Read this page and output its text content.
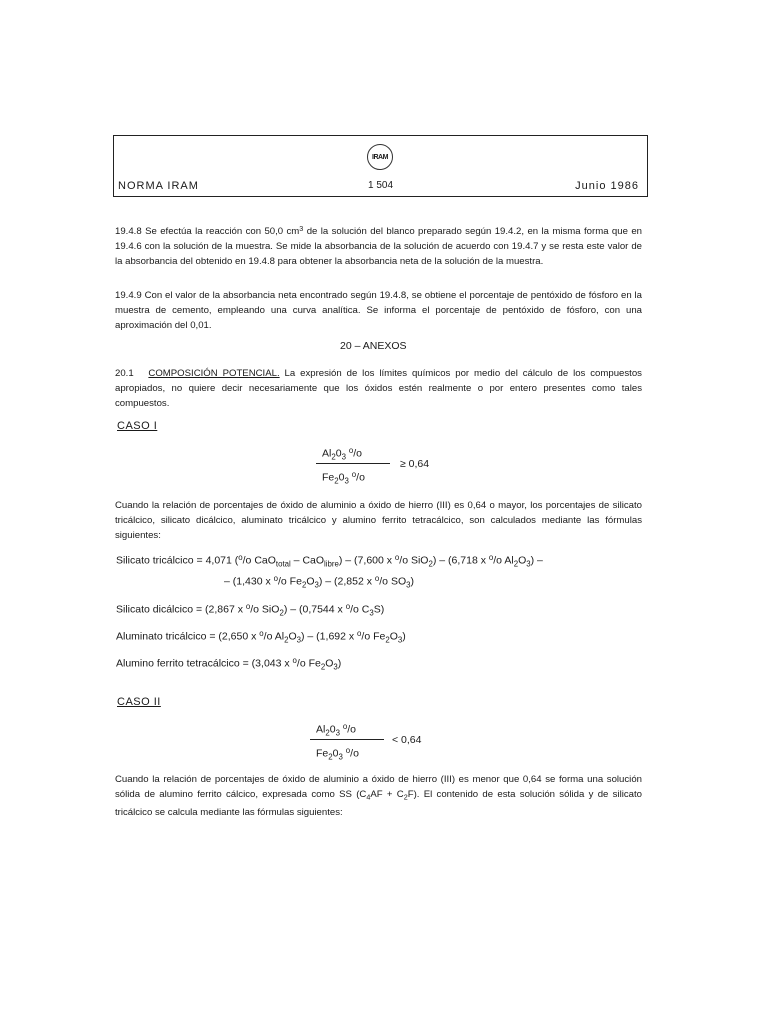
IRAM
NORMA IRAM	1 504	Junio 1986

19.4.8 Se efectúa la reacción con 50,0 $cm^3$ de la solución del blanco preparado según 19.4.2, en la misma forma que en 19.4.6 con la solución de la muestra. Se mide la absorbancia de la solución de acuerdo con 19.4.7 y se resta este valor de la absorbancia del obtenido en 19.4.8 para obtener la absorbancia neta de la solución de la muestra.

19.4.9 Con el valor de la absorbancia neta encontrado según 19.4.8, se obtiene el porcentaje de pentóxido de fósforo en la muestra de cemento, empleando una curva analítica. Se informa el porcentaje de pentóxido de fósforo, con una aproximación del 0,01.

20 – ANEXOS

20.1 COMPOSICIÓN POTENCIAL. La expresión de los límites químicos por medio del cálculo de los compuestos apropiados, no quiere decir necesariamente que los óxidos estén realmente o por entero presentes como tales compuestos.

CASO I
$Al_20_3$ $^o$/o
$Fe_20_3$ $^o$/o
≥ 0,64

Cuando la relación de porcentajes de óxido de aluminio a óxido de hierro (III) es 0,64 o mayor, los porcentajes de silicato tricálcico, silicato dicálcico, aluminato tricálcico y alumino ferrito tetracálcico, son calculados mediante las fórmulas siguientes:

Silicato tricálcico = 4,071 ($^o$/o CaO$_{total}$ – CaO$_{libre}$) – (7,600 x $^o$/o SiO$_2$) – (6,718 x $^o$/o $Al_2O_3$) –
– (1,430 x $^o$/o $Fe_2O_3) - (2,852$ x $^o$/o $SO_3$)
Silicato dicálcico = (2,867 x $^o$/o SiO$_2$) – (0,7544 x $^o$/o $C_3S$)
Aluminato tricálcico = (2,650 x $^o$/o $Al_2O_3) - (1,692$ x $^o$/o $Fe_2O_3$)
Alumino ferrito tetracálcico = (3,043 x $^o$/o $Fe_2O_3$)
CASO II
$Al_20_3$ $^o$/o
$Fe_20_3$ $^o$/o
< 0,64

Cuando la relación de porcentajes de óxido de aluminio a óxido de hierro (III) es menor que 0,64 se forma una solución sólida de alumino ferrito cálcico, expresada como SS $(C_4AF + C_2F)$. El contenido de esta solución sólida y de silicato tricálcico se calcula mediante las fórmulas siguientes:
